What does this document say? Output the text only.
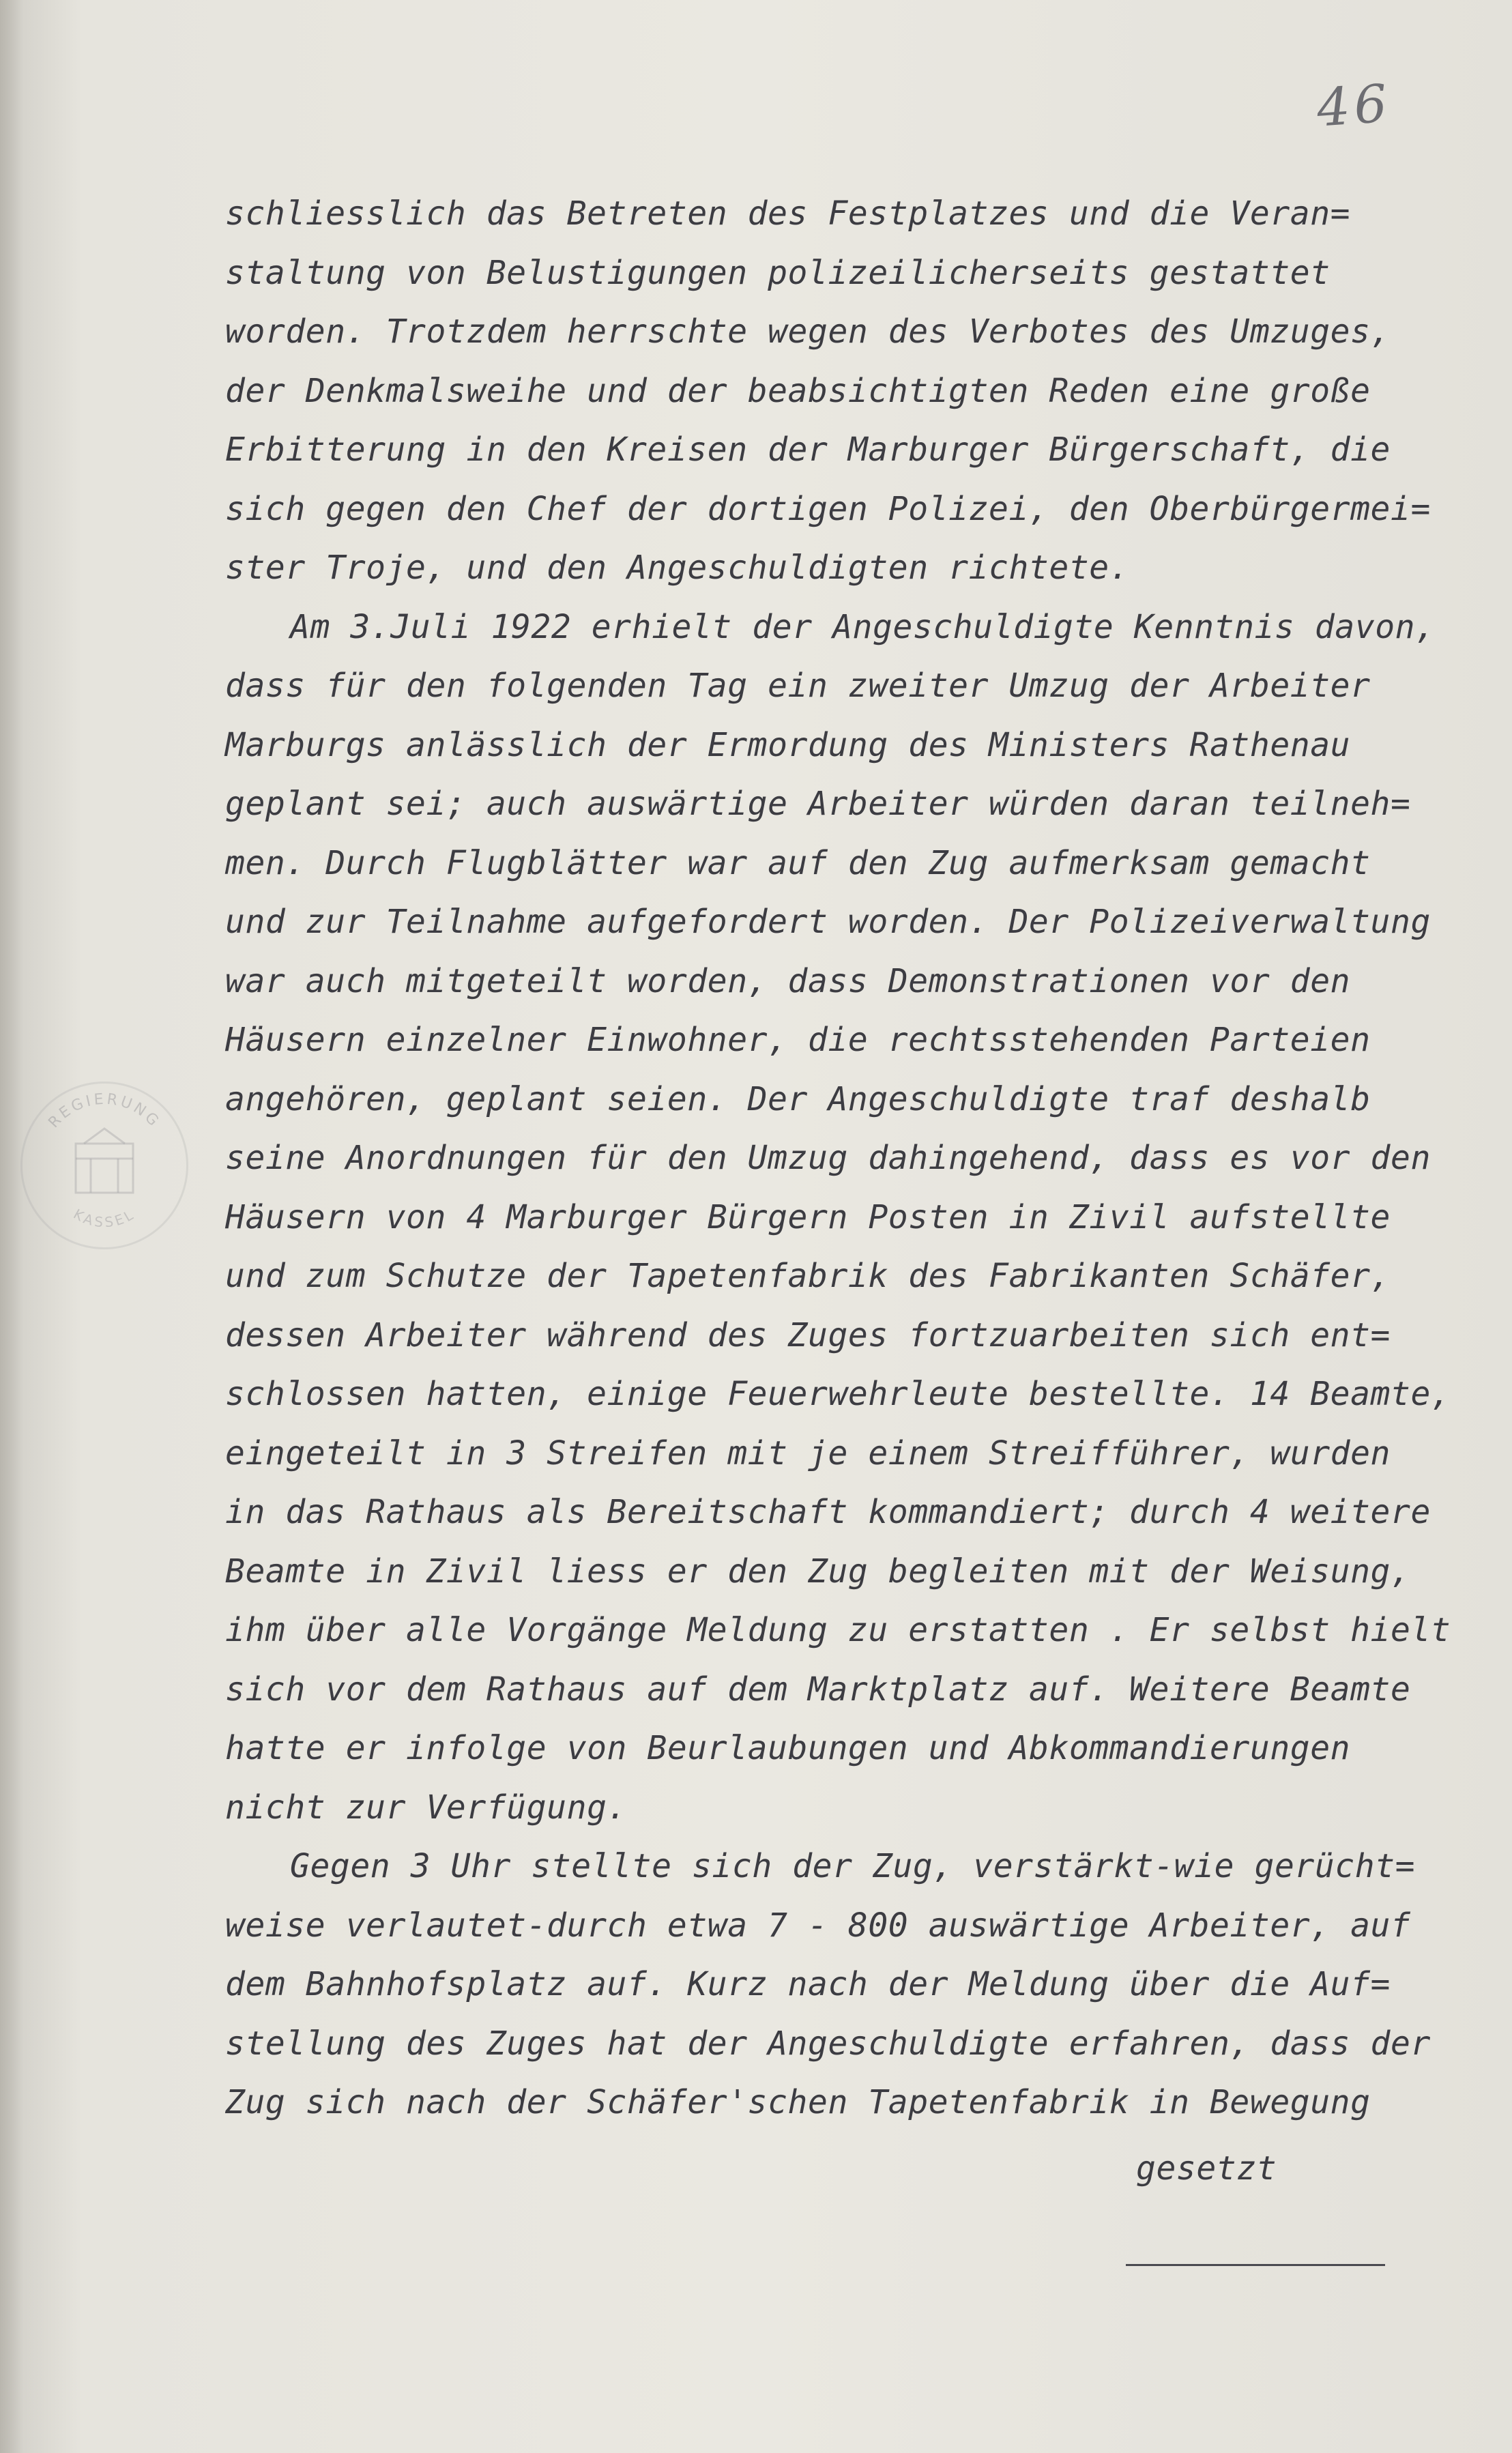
46
REGIERUNG
KASSEL
schliesslich das Betreten des Festplatzes und die Veran=
staltung von Belustigungen polizeilicherseits gestattet
worden. Trotzdem herrschte wegen des Verbotes des Umzuges,
der Denkmalsweihe und der beabsichtigten Reden eine große
Erbitterung in den Kreisen der Marburger Bürgerschaft, die
sich gegen den Chef der dortigen Polizei, den Oberbürgermei=
ster Troje, und den Angeschuldigten richtete.
Am 3.Juli 1922 erhielt der Angeschuldigte Kenntnis davon,
dass für den folgenden Tag ein zweiter Umzug der Arbeiter
Marburgs anlässlich der Ermordung des Ministers Rathenau
geplant sei; auch auswärtige Arbeiter würden daran teilneh=
men. Durch Flugblätter war auf den Zug aufmerksam gemacht
und zur Teilnahme aufgefordert worden. Der Polizeiverwaltung
war auch mitgeteilt worden, dass Demonstrationen vor den
Häusern einzelner Einwohner, die rechtsstehenden Parteien
angehören, geplant seien. Der Angeschuldigte traf deshalb
seine Anordnungen für den Umzug dahingehend, dass es vor den
Häusern von 4 Marburger Bürgern Posten in Zivil aufstellte
und zum Schutze der Tapetenfabrik des Fabrikanten Schäfer,
dessen Arbeiter während des Zuges fortzuarbeiten sich ent=
schlossen hatten, einige Feuerwehrleute bestellte. 14 Beamte,
eingeteilt in 3 Streifen mit je einem Streifführer, wurden
in das Rathaus als Bereitschaft kommandiert; durch 4 weitere
Beamte in Zivil liess er den Zug begleiten mit der Weisung,
ihm über alle Vorgänge Meldung zu erstatten . Er selbst hielt
sich vor dem Rathaus auf dem Marktplatz auf. Weitere Beamte
hatte er infolge von Beurlaubungen und Abkommandierungen
nicht zur Verfügung.
Gegen 3 Uhr stellte sich der Zug, verstärkt-wie gerücht=
weise verlautet-durch etwa 7 - 800 auswärtige Arbeiter, auf
dem Bahnhofsplatz auf. Kurz nach der Meldung über die Auf=
stellung des Zuges hat der Angeschuldigte erfahren, dass der
Zug sich nach der Schäfer'schen Tapetenfabrik in Bewegung
gesetzt
